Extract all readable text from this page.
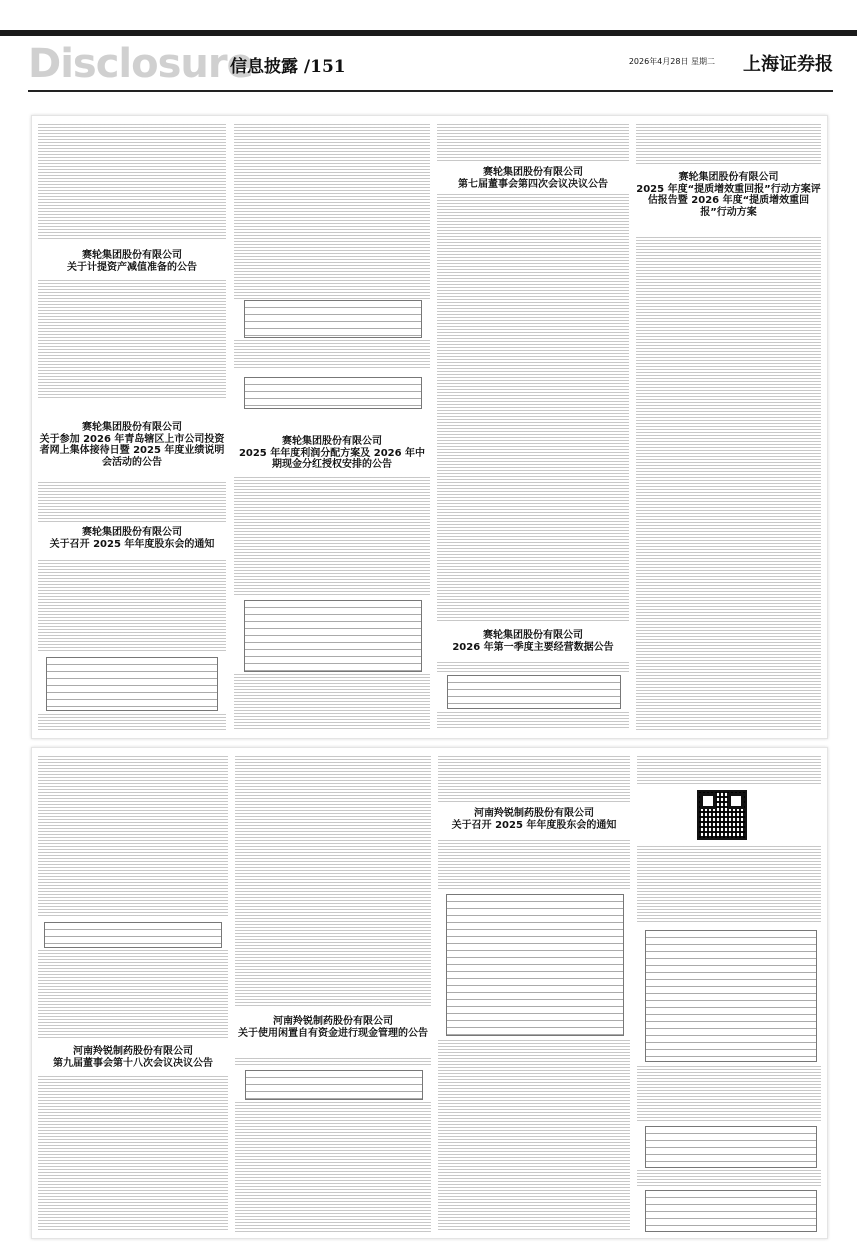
Disclosure
信息披露 /151	2026年4月28日 星期二 上海证券报
赛轮集团股份有限公司
关于计提资产减值准备的公告
赛轮集团股份有限公司
关于参加 2026 年青岛辖区上市公司投资者网上集体接待日暨 2025 年度业绩说明会活动的公告
赛轮集团股份有限公司
关于召开 2025 年年度股东会的通知
赛轮集团股份有限公司
2025 年年度利润分配方案及 2026 年中期现金分红授权安排的公告
赛轮集团股份有限公司
第七届董事会第四次会议决议公告
赛轮集团股份有限公司
2026 年第一季度主要经营数据公告
赛轮集团股份有限公司
2025 年度“提质增效重回报”行动方案评估报告暨 2026 年度“提质增效重回报”行动方案
河南羚锐制药股份有限公司
第九届董事会第十八次会议决议公告
河南羚锐制药股份有限公司
关于使用闲置自有资金进行现金管理的公告
河南羚锐制药股份有限公司
关于召开 2025 年年度股东会的通知
